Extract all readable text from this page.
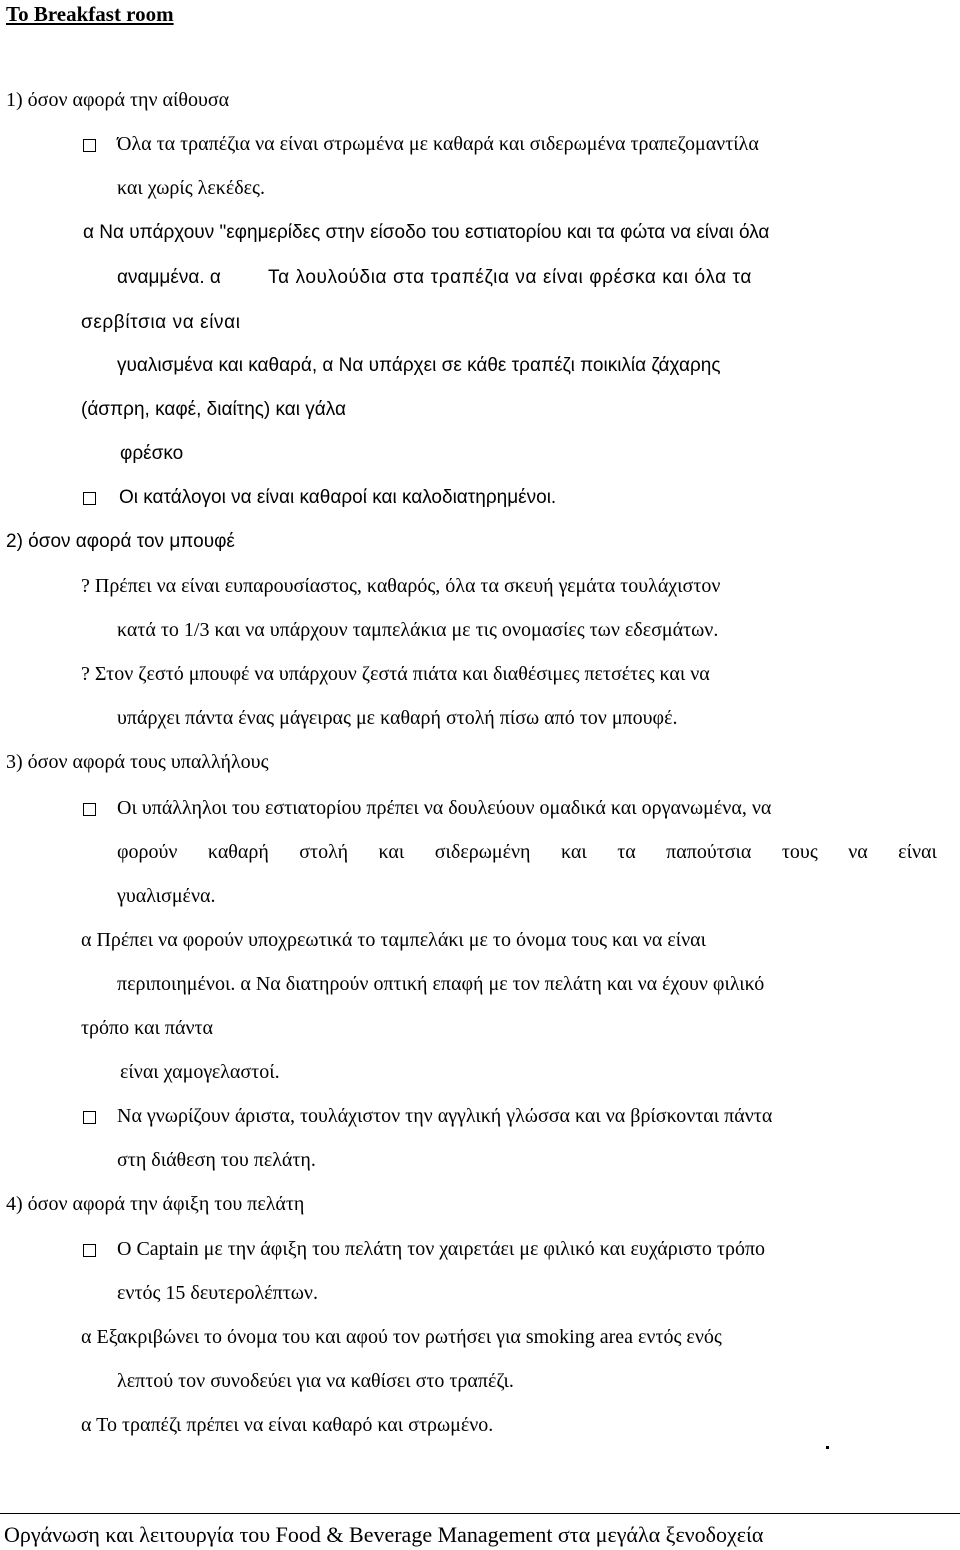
To Breakfast room
1) όσον αφορά την αίθουσα
Όλα τα τραπέζια να είναι στρωμένα με καθαρά και σιδερωμένα τραπεζομαντίλα
και χωρίς λεκέδες.
α Να υπάρχουν "εφημερίδες στην είσοδο του εστιατορίου και τα φώτα να είναι όλα
αναμμένα. α Τα λουλούδια στα τραπέζια να είναι φρέσκα και όλα τα
σερβίτσια να είναι
γυαλισμένα και καθαρά, α Να υπάρχει σε κάθε τραπέζι ποικιλία ζάχαρης
(άσπρη, καφέ, διαίτης) και γάλα
φρέσκο
Οι κατάλογοι να είναι καθαροί και καλοδιατηρημένοι.
2) όσον αφορά τον μπουφέ
? Πρέπει να είναι ευπαρουσίαστος, καθαρός, όλα τα σκευή γεμάτα τουλάχιστον
κατά το 1/3 και να υπάρχουν ταμπελάκια με τις ονομασίες των εδεσμάτων.
? Στον ζεστό μπουφέ να υπάρχουν ζεστά πιάτα και διαθέσιμες πετσέτες και να
υπάρχει πάντα ένας μάγειρας με καθαρή στολή πίσω από τον μπουφέ.
3) όσον αφορά τους υπαλλήλους
Οι υπάλληλοι του εστιατορίου πρέπει να δουλεύουν ομαδικά και οργανωμένα, να
φορούν καθαρή στολή και σιδερωμένη και τα παπούτσια τους να είναι
γυαλισμένα.
α Πρέπει να φορούν υποχρεωτικά το ταμπελάκι με το όνομα τους και να είναι
περιποιημένοι. α Να διατηρούν οπτική επαφή με τον πελάτη και να έχουν φιλικό
τρόπο και πάντα
είναι χαμογελαστοί.
Να γνωρίζουν άριστα, τουλάχιστον την αγγλική γλώσσα και να βρίσκονται πάντα
στη διάθεση του πελάτη.
4) όσον αφορά την άφιξη του πελάτη
Ο Captain με την άφιξη του πελάτη τον χαιρετάει με φιλικό και ευχάριστο τρόπο
εντός 15 δευτερολέπτων.
α Εξακριβώνει το όνομα του και αφού τον ρωτήσει για smoking area εντός ενός
λεπτού τον συνοδεύει για να καθίσει στο τραπέζι.
α Το τραπέζι πρέπει να είναι καθαρό και στρωμένο.
Οργάνωση και λειτουργία του Food & Beverage Management στα μεγάλα ξενοδοχεία
